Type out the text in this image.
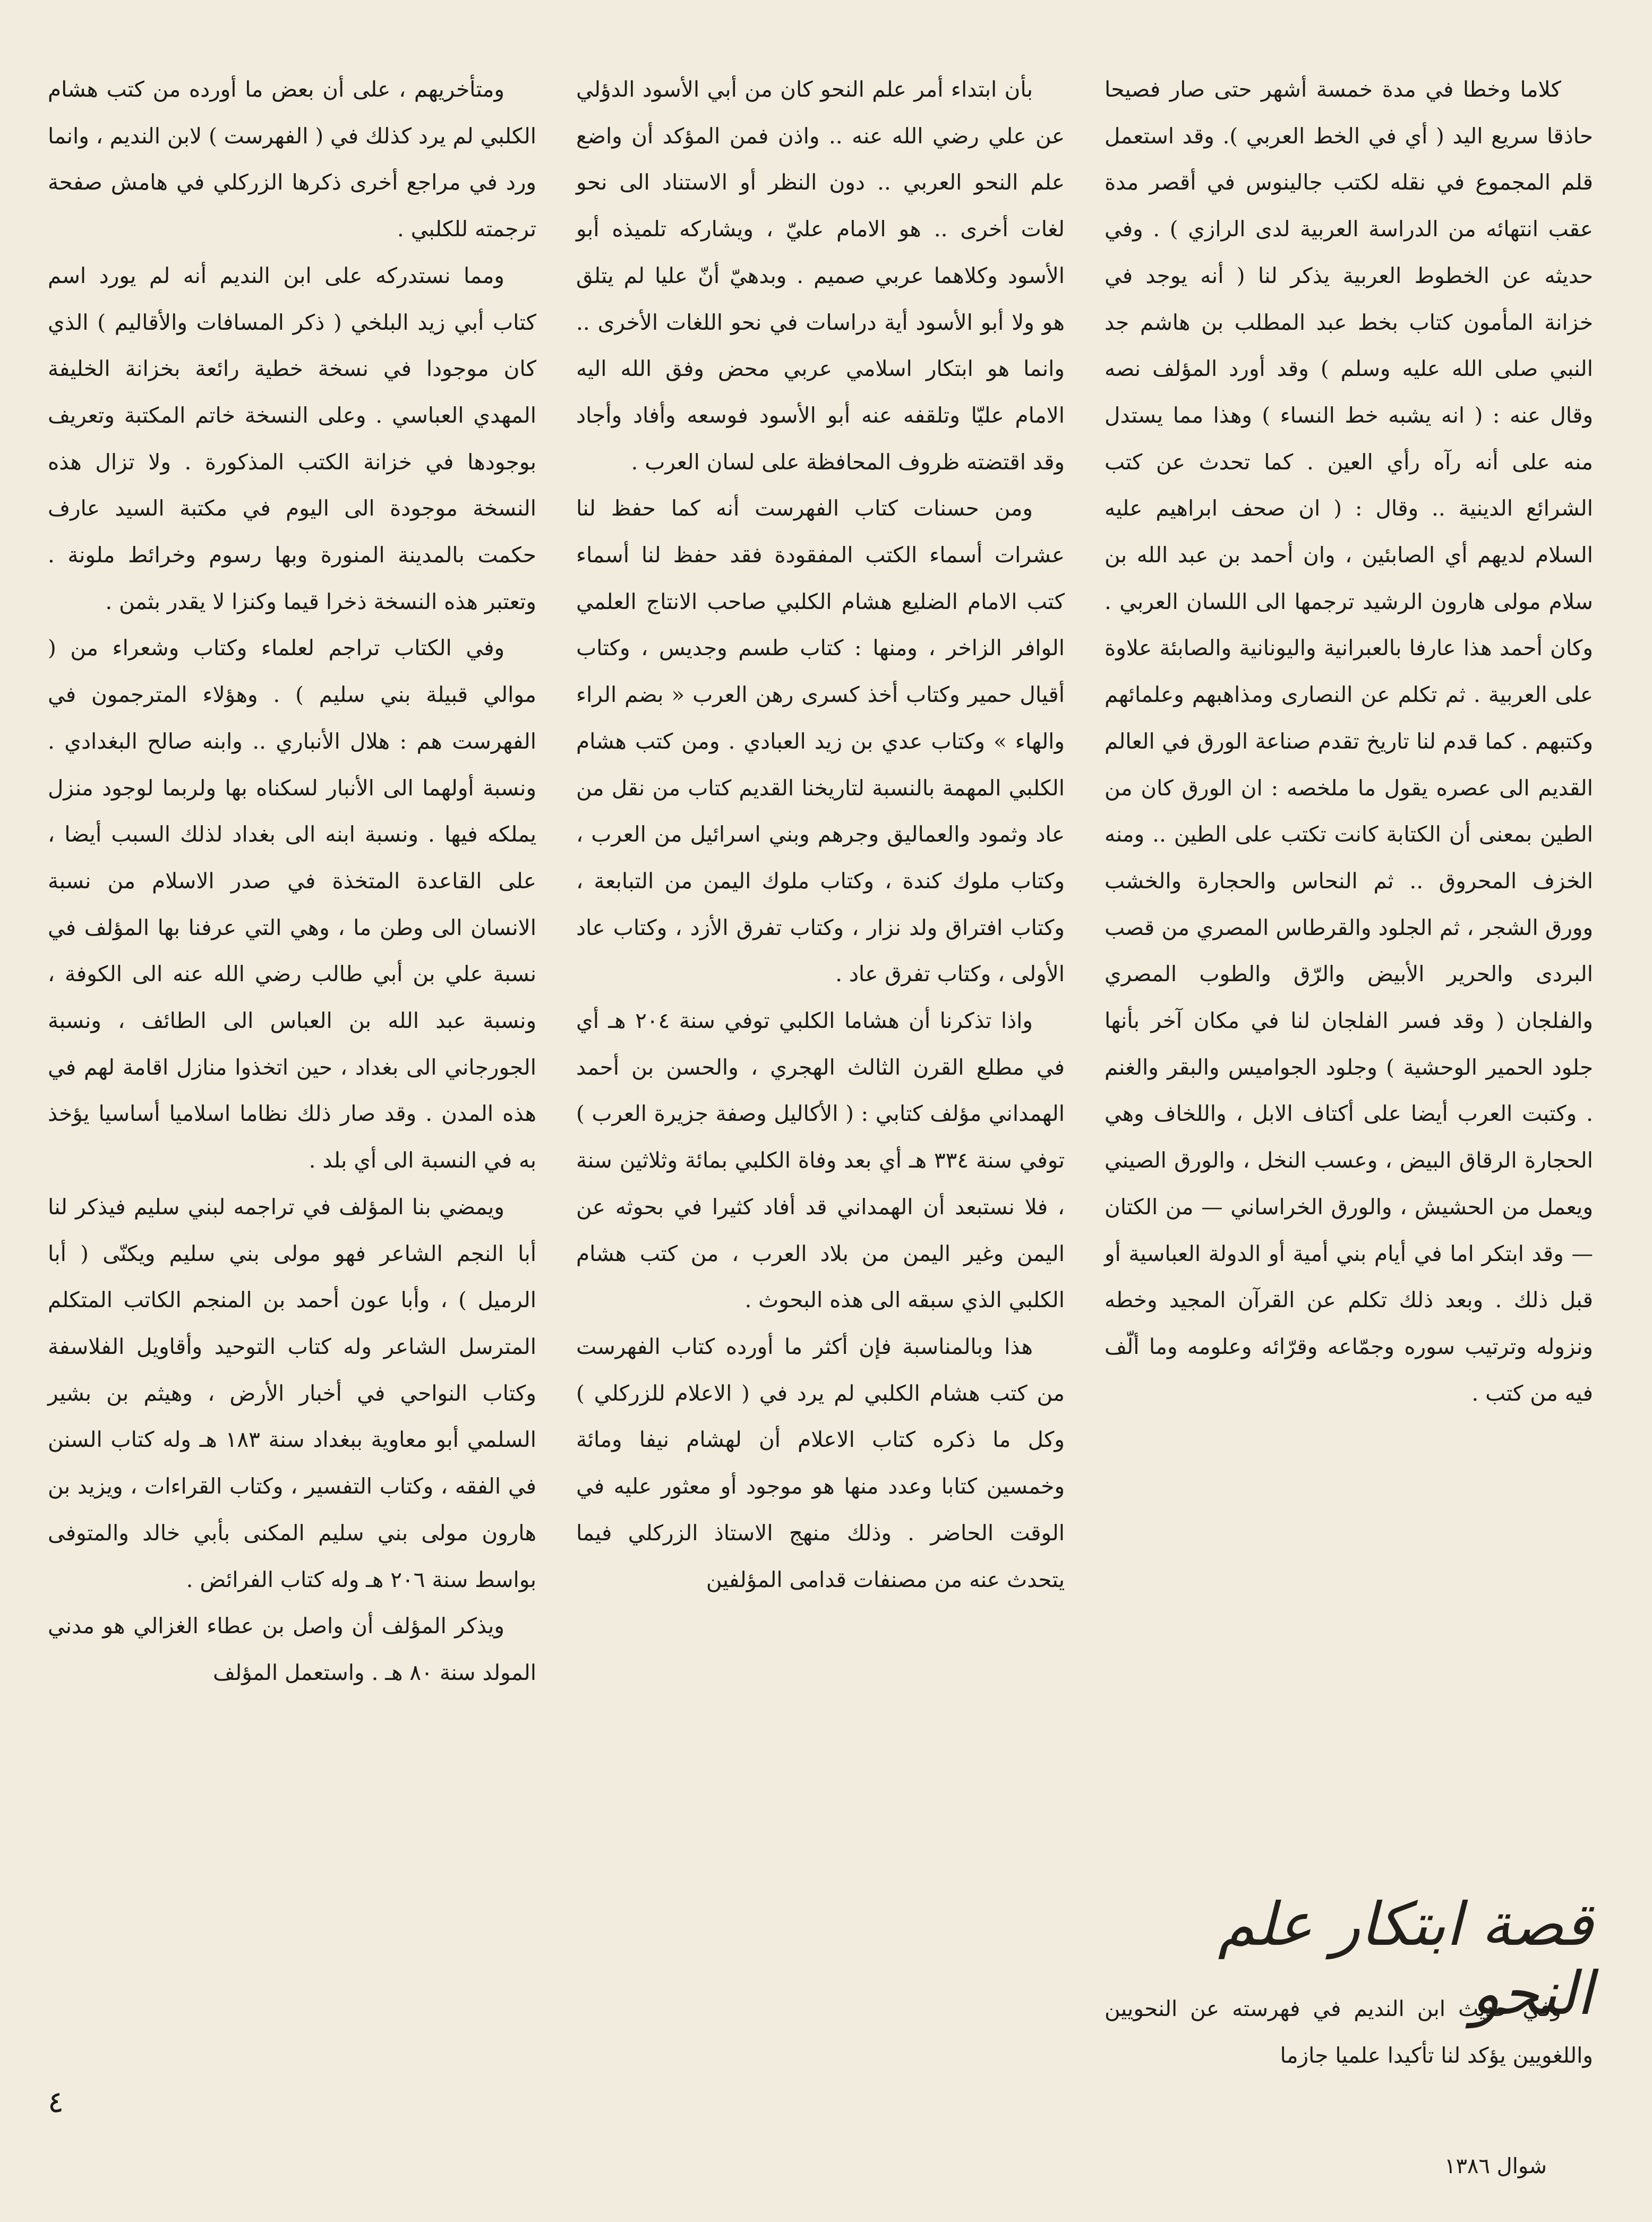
كلاما وخطا في مدة خمسة أشهر حتى صار فصيحا حاذقا سريع اليد ( أي في الخط العربي ). وقد استعمل قلم المجموع في نقله لكتب جالينوس في أقصر مدة عقب انتهائه من الدراسة العربية لدى الرازي ) . وفي حديثه عن الخطوط العربية يذكر لنا ( أنه يوجد في خزانة المأمون كتاب بخط عبد المطلب بن هاشم جد النبي صلى الله عليه وسلم ) وقد أورد المؤلف نصه وقال عنه : ( انه يشبه خط النساء ) وهذا مما يستدل منه على أنه رآه رأي العين . كما تحدث عن كتب الشرائع الدينية .. وقال : ( ان صحف ابراهيم عليه السلام لديهم أي الصابئين ، وان أحمد بن عبد الله بن سلام مولى هارون الرشيد ترجمها الى اللسان العربي . وكان أحمد هذا عارفا بالعبرانية واليونانية والصابئة علاوة على العربية . ثم تكلم عن النصارى ومذاهبهم وعلمائهم وكتبهم . كما قدم لنا تاريخ تقدم صناعة الورق في العالم القديم الى عصره يقول ما ملخصه : ان الورق كان من الطين بمعنى أن الكتابة كانت تكتب على الطين .. ومنه الخزف المحروق .. ثم النحاس والحجارة والخشب وورق الشجر ، ثم الجلود والقرطاس المصري من قصب البردى والحرير الأبيض والرّق والطوب المصري والفلجان ( وقد فسر الفلجان لنا في مكان آخر بأنها جلود الحمير الوحشية ) وجلود الجواميس والبقر والغنم . وكتبت العرب أيضا على أكتاف الابل ، واللخاف وهي الحجارة الرقاق البيض ، وعسب النخل ، والورق الصيني ويعمل من الحشيش ، والورق الخراساني — من الكتان — وقد ابتكر اما في أيام بني أمية أو الدولة العباسية أو قبل ذلك . وبعد ذلك تكلم عن القرآن المجيد وخطه ونزوله وترتيب سوره وجمّاعه وقرّائه وعلومه وما ألّف فيه من كتب .

قصة ابتكار علم النحو

وفي حديث ابن النديم في فهرسته عن النحويين واللغويين يؤكد لنا تأكيدا علميا جازما

بأن ابتداء أمر علم النحو كان من أبي الأسود الدؤلي عن علي رضي الله عنه .. واذن فمن المؤكد أن واضع علم النحو العربي .. دون النظر أو الاستناد الى نحو لغات أخرى .. هو الامام عليّ ، ويشاركه تلميذه أبو الأسود وكلاهما عربي صميم . وبدهيّ أنّ عليا لم يتلق هو ولا أبو الأسود أية دراسات في نحو اللغات الأخرى .. وانما هو ابتكار اسلامي عربي محض وفق الله اليه الامام عليّا وتلقفه عنه أبو الأسود فوسعه وأفاد وأجاد وقد اقتضته ظروف المحافظة على لسان العرب .

ومن حسنات كتاب الفهرست أنه كما حفظ لنا عشرات أسماء الكتب المفقودة فقد حفظ لنا أسماء كتب الامام الضليع هشام الكلبي صاحب الانتاج العلمي الوافر الزاخر ، ومنها : كتاب طسم وجديس ، وكتاب أقيال حمير وكتاب أخذ كسرى رهن العرب « بضم الراء والهاء » وكتاب عدي بن زيد العبادي . ومن كتب هشام الكلبي المهمة بالنسبة لتاريخنا القديم كتاب من نقل من عاد وثمود والعماليق وجرهم وبني اسرائيل من العرب ، وكتاب ملوك كندة ، وكتاب ملوك اليمن من التبابعة ، وكتاب افتراق ولد نزار ، وكتاب تفرق الأزد ، وكتاب عاد الأولى ، وكتاب تفرق عاد .

واذا تذكرنا أن هشاما الكلبي توفي سنة ٢٠٤ هـ أي في مطلع القرن الثالث الهجري ، والحسن بن أحمد الهمداني مؤلف كتابي : ( الأكاليل وصفة جزيرة العرب ) توفي سنة ٣٣٤ هـ أي بعد وفاة الكلبي بمائة وثلاثين سنة ، فلا نستبعد أن الهمداني قد أفاد كثيرا في بحوثه عن اليمن وغير اليمن من بلاد العرب ، من كتب هشام الكلبي الذي سبقه الى هذه البحوث .

هذا وبالمناسبة فإن أكثر ما أورده كتاب الفهرست من كتب هشام الكلبي لم يرد في ( الاعلام للزركلي ) وكل ما ذكره كتاب الاعلام أن لهشام نيفا ومائة وخمسين كتابا وعدد منها هو موجود أو معثور عليه في الوقت الحاضر . وذلك منهج الاستاذ الزركلي فيما يتحدث عنه من مصنفات قدامى المؤلفين

ومتأخريهم ، على أن بعض ما أورده من كتب هشام الكلبي لم يرد كذلك في ( الفهرست ) لابن النديم ، وانما ورد في مراجع أخرى ذكرها الزركلي في هامش صفحة ترجمته للكلبي .

ومما نستدركه على ابن النديم أنه لم يورد اسم كتاب أبي زيد البلخي ( ذكر المسافات والأقاليم ) الذي كان موجودا في نسخة خطية رائعة بخزانة الخليفة المهدي العباسي . وعلى النسخة خاتم المكتبة وتعريف بوجودها في خزانة الكتب المذكورة . ولا تزال هذه النسخة موجودة الى اليوم في مكتبة السيد عارف حكمت بالمدينة المنورة وبها رسوم وخرائط ملونة . وتعتبر هذه النسخة ذخرا قيما وكنزا لا يقدر بثمن .

وفي الكتاب تراجم لعلماء وكتاب وشعراء من ( موالي قبيلة بني سليم ) . وهؤلاء المترجمون في الفهرست هم : هلال الأنباري .. وابنه صالح البغدادي . ونسبة أولهما الى الأنبار لسكناه بها ولربما لوجود منزل يملكه فيها . ونسبة ابنه الى بغداد لذلك السبب أيضا ، على القاعدة المتخذة في صدر الاسلام من نسبة الانسان الى وطن ما ، وهي التي عرفنا بها المؤلف في نسبة علي بن أبي طالب رضي الله عنه الى الكوفة ، ونسبة عبد الله بن العباس الى الطائف ، ونسبة الجورجاني الى بغداد ، حين اتخذوا منازل اقامة لهم في هذه المدن . وقد صار ذلك نظاما اسلاميا أساسيا يؤخذ به في النسبة الى أي بلد .

ويمضي بنا المؤلف في تراجمه لبني سليم فيذكر لنا أبا النجم الشاعر فهو مولى بني سليم ويكنّى ( أبا الرميل ) ، وأبا عون أحمد بن المنجم الكاتب المتكلم المترسل الشاعر وله كتاب التوحيد وأقاويل الفلاسفة وكتاب النواحي في أخبار الأرض ، وهيثم بن بشير السلمي أبو معاوية ببغداد سنة ١٨٣ هـ وله كتاب السنن في الفقه ، وكتاب التفسير ، وكتاب القراءات ، ويزيد بن هارون مولى بني سليم المكنى بأبي خالد والمتوفى بواسط سنة ٢٠٦ هـ وله كتاب الفرائض .

ويذكر المؤلف أن واصل بن عطاء الغزالي هو مدني المولد سنة ٨٠ هـ . واستعمل المؤلف

٤
شوال ١٣٨٦
